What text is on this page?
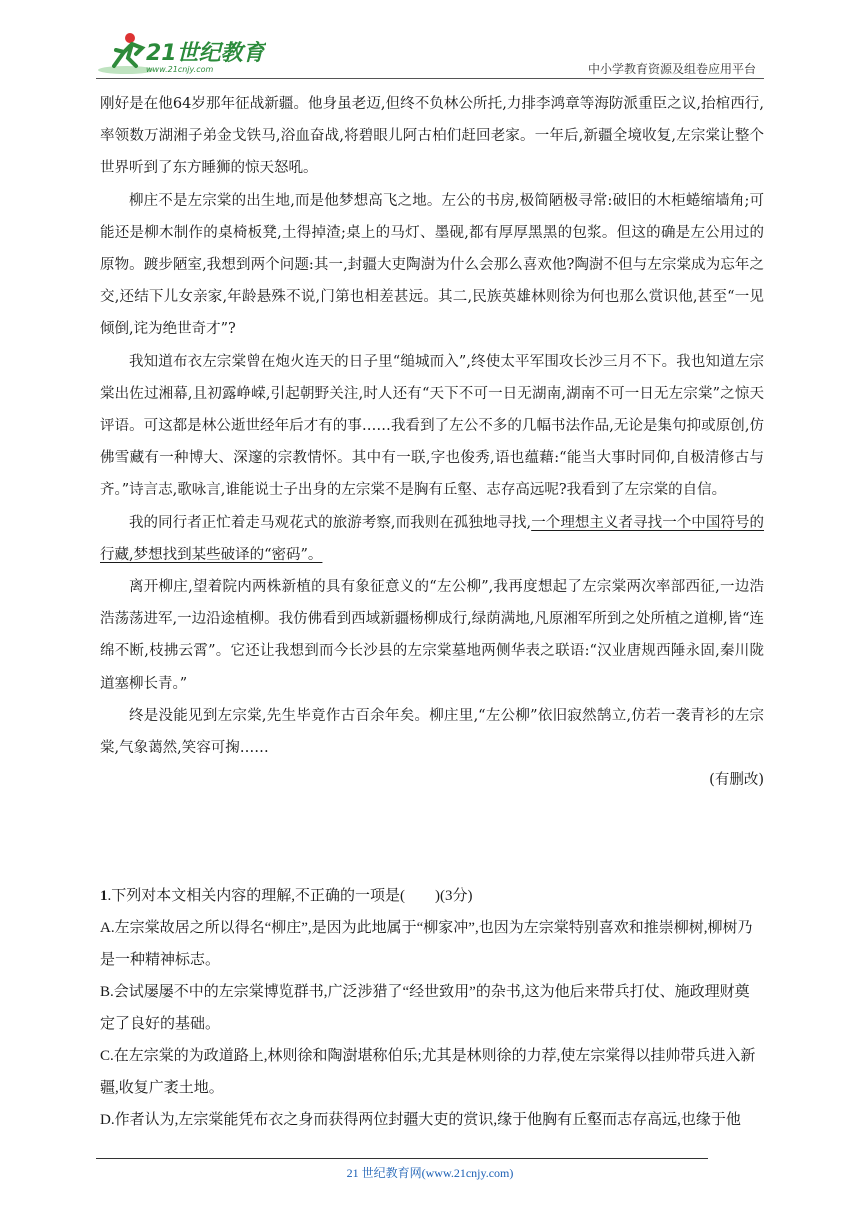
21世纪教育
www.21cnjy.com	中小学教育资源及组卷应用平台

刚好是在他64岁那年征战新疆。他身虽老迈,但终不负林公所托,力排李鸿章等海防派重臣之议,抬棺西行,率领数万湖湘子弟金戈铁马,浴血奋战,将碧眼儿阿古柏们赶回老家。一年后,新疆全境收复,左宗棠让整个世界听到了东方睡狮的惊天怒吼。

柳庄不是左宗棠的出生地,而是他梦想高飞之地。左公的书房,极简陋极寻常:破旧的木柜蜷缩墙角;可能还是柳木制作的桌椅板凳,土得掉渣;桌上的马灯、墨砚,都有厚厚黑黑的包浆。但这的确是左公用过的原物。踱步陋室,我想到两个问题:其一,封疆大吏陶澍为什么会那么喜欢他?陶澍不但与左宗棠成为忘年之交,还结下儿女亲家,年龄悬殊不说,门第也相差甚远。其二,民族英雄林则徐为何也那么赏识他,甚至“一见倾倒,诧为绝世奇才”?

我知道布衣左宗棠曾在炮火连天的日子里“缒城而入”,终使太平军围攻长沙三月不下。我也知道左宗棠出佐过湘幕,且初露峥嵘,引起朝野关注,时人还有“天下不可一日无湖南,湖南不可一日无左宗棠”之惊天评语。可这都是林公逝世经年后才有的事……我看到了左公不多的几幅书法作品,无论是集句抑或原创,仿佛雪藏有一种博大、深邃的宗教情怀。其中有一联,字也俊秀,语也蕴藉:“能当大事时同仰,自极清修古与齐。”诗言志,歌咏言,谁能说士子出身的左宗棠不是胸有丘壑、志存高远呢?我看到了左宗棠的自信。

我的同行者正忙着走马观花式的旅游考察,而我则在孤独地寻找,一个理想主义者寻找一个中国符号的行藏,梦想找到某些破译的“密码”。

离开柳庄,望着院内两株新植的具有象征意义的“左公柳”,我再度想起了左宗棠两次率部西征,一边浩浩荡荡进军,一边沿途植柳。我仿佛看到西域新疆杨柳成行,绿荫满地,凡原湘军所到之处所植之道柳,皆“连绵不断,枝拂云霄”。它还让我想到而今长沙县的左宗棠墓地两侧华表之联语:“汉业唐规西陲永固,秦川陇道塞柳长青。”

终是没能见到左宗棠,先生毕竟作古百余年矣。柳庄里,“左公柳”依旧寂然鹄立,仿若一袭青衫的左宗棠,气象蔼然,笑容可掬……

(有删改)

1.下列对本文相关内容的理解,不正确的一项是(　　)(3分)

A.左宗棠故居之所以得名“柳庄”,是因为此地属于“柳家冲”,也因为左宗棠特别喜欢和推崇柳树,柳树乃是一种精神标志。

B.会试屡屡不中的左宗棠博览群书,广泛涉猎了“经世致用”的杂书,这为他后来带兵打仗、施政理财奠定了良好的基础。

C.在左宗棠的为政道路上,林则徐和陶澍堪称伯乐;尤其是林则徐的力荐,使左宗棠得以挂帅带兵进入新疆,收复广袤土地。

D.作者认为,左宗棠能凭布衣之身而获得两位封疆大吏的赏识,缘于他胸有丘壑而志存高远,也缘于他

21 世纪教育网(www.21cnjy.com)
